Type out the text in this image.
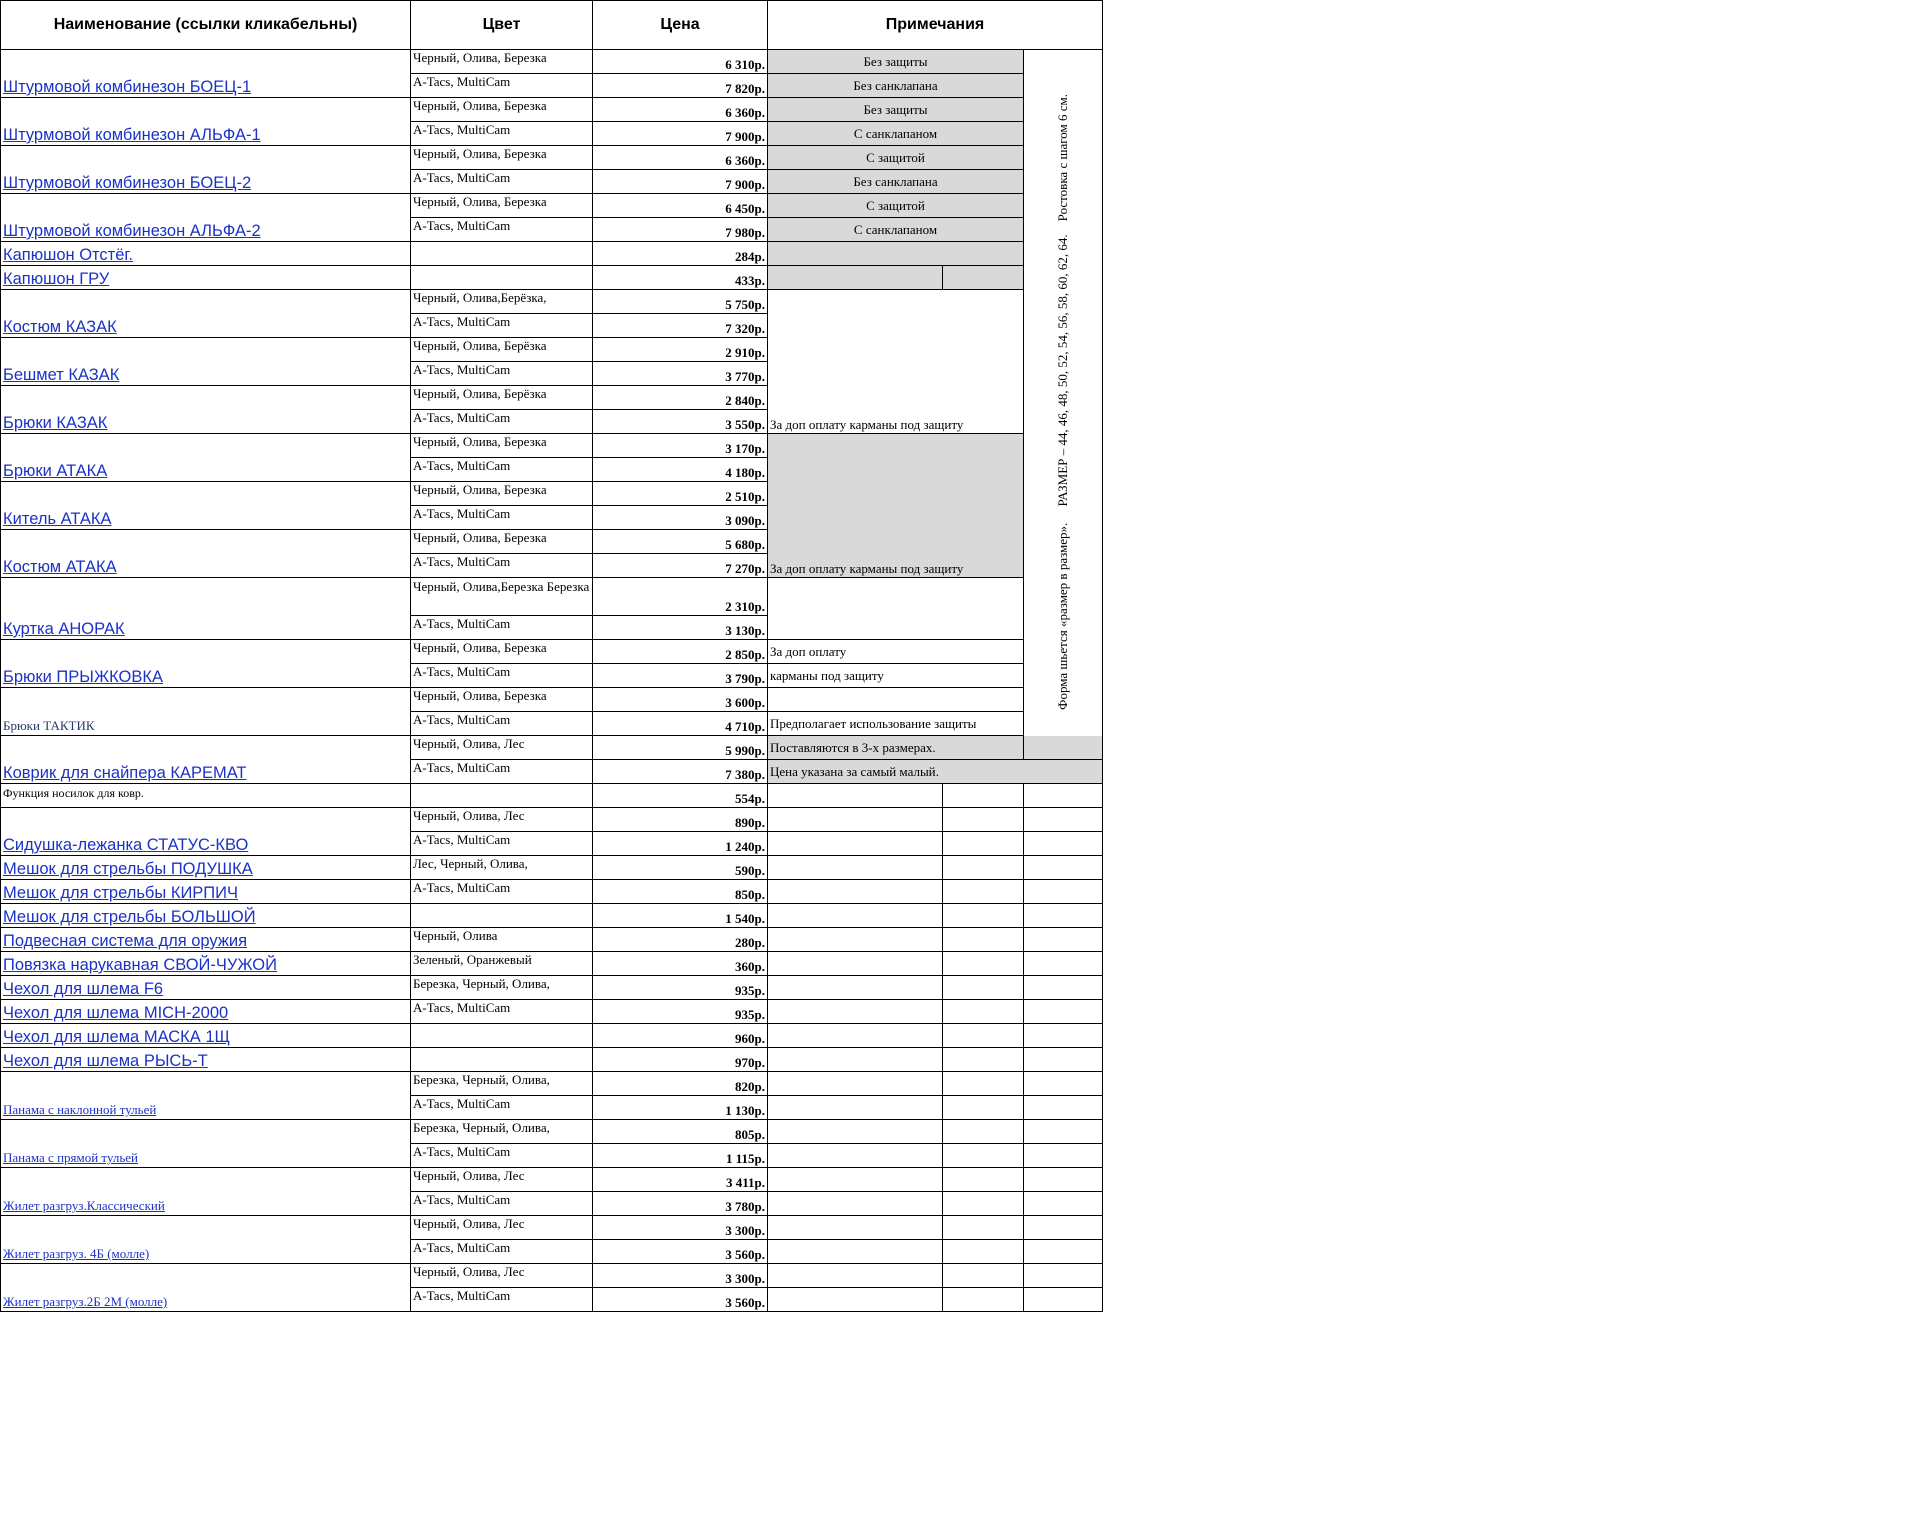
Наименование (ссылки кликабельны)	Цвет	Цена	Примечания		
Штурмовой комбинезон БОЕЦ-1	Черный, Олива, Березка	6 310р.	Без защиты		Форма шьется «размер в размер».     РАЗМЕР – 44, 46, 48, 50, 52, 54, 56, 58, 60, 62, 64.    Ростовка с шагом 6 см.
	A-Tacs, MultiCam	7 820р.	Без санклапана		
Штурмовой комбинезон АЛЬФА-1	Черный, Олива, Березка	6 360р.	Без защиты		
	A-Tacs, MultiCam	7 900р.	С санклапаном		
Штурмовой комбинезон БОЕЦ-2	Черный, Олива, Березка	6 360р.	С защитой		
	A-Tacs, MultiCam	7 900р.	Без санклапана		
Штурмовой комбинезон АЛЬФА-2	Черный, Олива, Березка	6 450р.	С защитой		
	A-Tacs, MultiCam	7 980р.	С санклапаном		
Капюшон Отстёг.		284р.			
Капюшон ГРУ		433р.			
Костюм КАЗАК	Черный, Олива,Берёзка,	5 750р.	За доп оплату карманы под защиту		
	A-Tacs, MultiCam	7 320р.			
Бешмет КАЗАК	Черный, Олива, Берёзка	2 910р.			
	A-Tacs, MultiCam	3 770р.			
Брюки КАЗАК	Черный, Олива, Берёзка	2 840р.			
	A-Tacs, MultiCam	3 550р.			
Брюки АТАКА	Черный, Олива, Березка	3 170р.	За доп оплату карманы под защиту		
	A-Tacs, MultiCam	4 180р.			
Китель АТАКА	Черный, Олива, Березка	2 510р.			
	A-Tacs, MultiCam	3 090р.			
Костюм АТАКА	Черный, Олива, Березка	5 680р.			
	A-Tacs, MultiCam	7 270р.			
Куртка АНОРАК	Черный, Олива,Березка Березка	2 310р.			
	A-Tacs, MultiCam	3 130р.			
Брюки ПРЫЖКОВКА	Черный, Олива, Березка	2 850р.	За доп оплату		
	A-Tacs, MultiCam	3 790р.	карманы под защиту		
Брюки ТАКТИК	Черный, Олива, Березка	3 600р.			
	A-Tacs, MultiCam	4 710р.	Предполагает использование защиты		
Коврик для снайпера КАРЕМАТ	Черный, Олива, Лес	5 990р.	Поставляются в 3-х размерах.		
	A-Tacs, MultiCam	7 380р.	Цена указана за самый малый.		
Функция носилок для ковр.		554р.			
Сидушка-лежанка СТАТУС-КВО	Черный, Олива, Лес	890р.			
	A-Tacs, MultiCam	1 240р.			
Мешок для стрельбы ПОДУШКА	Лес, Черный, Олива,	590р.			
Мешок для стрельбы КИРПИЧ	A-Tacs, MultiCam	850р.			
Мешок для стрельбы БОЛЬШОЙ		1 540р.			
Подвесная система для оружия	Черный, Олива	280р.			
Повязка нарукавная СВОЙ-ЧУЖОЙ	Зеленый, Оранжевый	360р.			
Чехол для шлема F6	Березка, Черный, Олива,	935р.			
Чехол для шлема MICH-2000	A-Tacs, MultiCam	935р.			
Чехол для шлема МАСКА 1Щ		960р.			
Чехол для шлема РЫСЬ-Т		970р.			
Панама с наклонной тульей	Березка, Черный, Олива,	820р.			
	A-Tacs, MultiCam	1 130р.			
Панама с прямой тульей	Березка, Черный, Олива,	805р.			
	A-Tacs, MultiCam	1 115р.			
Жилет разгруз.Классический	Черный, Олива, Лес	3 411р.			
	A-Tacs, MultiCam	3 780р.			
Жилет разгруз. 4Б (молле)	Черный, Олива, Лес	3 300р.			
	A-Tacs, MultiCam	3 560р.			
Жилет разгруз.2Б 2М (молле)	Черный, Олива, Лес	3 300р.			
	A-Tacs, MultiCam	3 560р.			
